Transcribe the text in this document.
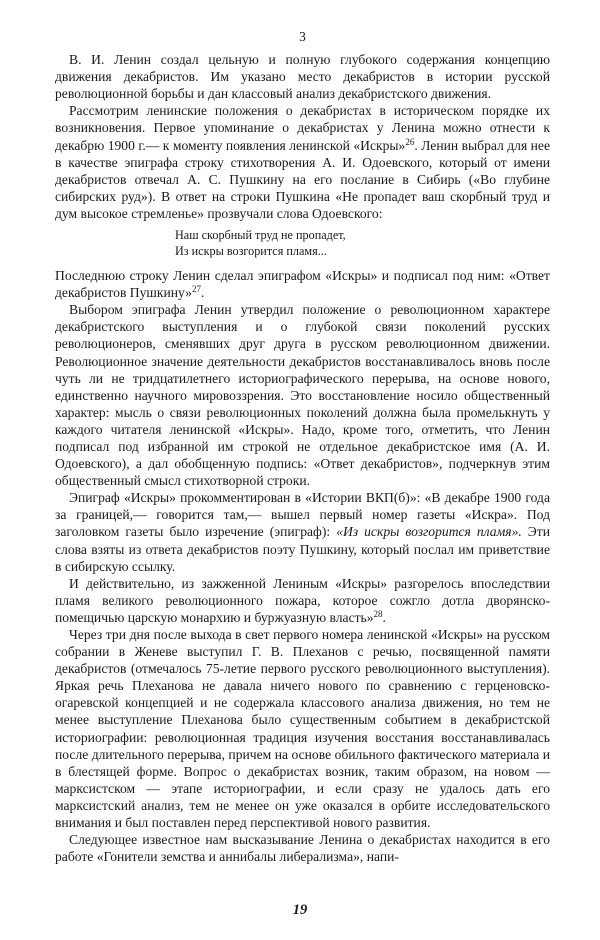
3

В. И. Ленин создал цельную и полную глубокого содержания концепцию движения декабристов. Им указано место декабристов в истории русской революционной борьбы и дан классовый анализ декабристского движения.

Рассмотрим ленинские положения о декабристах в историческом порядке их возникновения. Первое упоминание о декабристах у Ленина можно отнести к декабрю 1900 г.— к моменту появления ленинской «Искры»$^{26}$. Ленин выбрал для нее в качестве эпиграфа строку стихотворения А. И. Одоевского, который от имени декабристов отвечал А. С. Пушкину на его послание в Сибирь («Во глубине сибирских руд»). В ответ на строки Пушкина «Не пропадет ваш скорбный труд и дум высокое стремленье» прозвучали слова Одоевского:

Наш скорбный труд не пропадет,
Из искры возгорится пламя...

Последнюю строку Ленин сделал эпиграфом «Искры» и подписал под ним: «Ответ декабристов Пушкину»$^{27}$.

Выбором эпиграфа Ленин утвердил положение о революционном характере декабристского выступления и о глубокой связи поколений русских революционеров, сменявших друг друга в русском революционном движении. Революционное значение деятельности декабристов восстанавливалось вновь после чуть ли не тридцатилетнего историографического перерыва, на основе нового, единственно научного мировоззрения. Это восстановление носило общественный характер: мысль о связи революционных поколений должна была промелькнуть у каждого читателя ленинской «Искры». Надо, кроме того, отметить, что Ленин подписал под избранной им строкой не отдельное декабристское имя (А. И. Одоевского), а дал обобщенную подпись: «Ответ декабристов», подчеркнув этим общественный смысл стихотворной строки.

Эпиграф «Искры» прокомментирован в «Истории ВКП(б)»: «В декабре 1900 года за границей,— говорится там,— вышел первый номер газеты «Искра». Под заголовком газеты было изречение (эпиграф): «Из искры возгорится пламя». Эти слова взяты из ответа декабристов поэту Пушкину, который послал им приветствие в сибирскую ссылку.

И действительно, из зажженной Лениным «Искры» разгорелось впоследствии пламя великого революционного пожара, которое сожгло дотла дворянско-помещичью царскую монархию и буржуазную власть»$^{28}$.

Через три дня после выхода в свет первого номера ленинской «Искры» на русском собрании в Женеве выступил Г. В. Плеханов с речью, посвященной памяти декабристов (отмечалось 75-летие первого русского революционного выступления). Яркая речь Плеханова не давала ничего нового по сравнению с герценовско-огаревской концепцией и не содержала классового анализа движения, но тем не менее выступление Плеханова было существенным событием в декабристской историографии: революционная традиция изучения восстания восстанавливалась после длительного перерыва, причем на основе обильного фактического материала и в блестящей форме. Вопрос о декабристах возник, таким образом, на новом — марксистском — этапе историографии, и если сразу не удалось дать его марксистский анализ, тем не менее он уже оказался в орбите исследовательского внимания и был поставлен перед перспективой нового развития.

Следующее известное нам высказывание Ленина о декабристах находится в его работе «Гонители земства и аннибалы либерализма», напи-

19
